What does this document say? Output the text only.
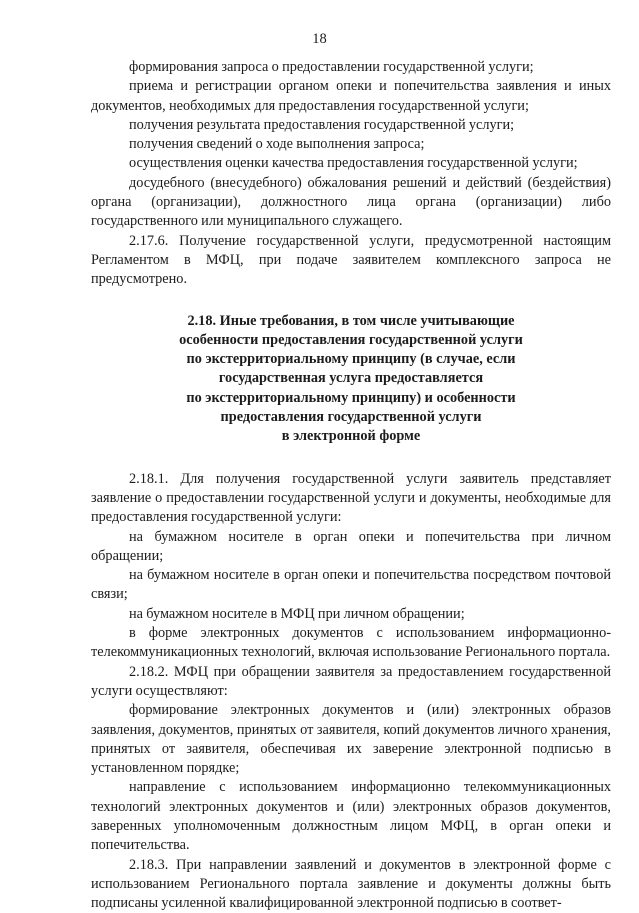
18

формирования запроса о предоставлении государственной услуги;

приема и регистрации органом опеки и попечительства заявления и иных документов, необходимых для предоставления государственной услуги;

получения результата предоставления государственной услуги;

получения сведений о ходе выполнения запроса;

осуществления оценки качества предоставления государственной услуги;

досудебного (внесудебного) обжалования решений и действий (бездействия) органа (организации), должностного лица органа (организации) либо государственного или муниципального служащего.

2.17.6. Получение государственной услуги, предусмотренной настоящим Регламентом в МФЦ, при подаче заявителем комплексного запроса не предусмотрено.

2.18. Иные требования, в том числе учитывающие

особенности предоставления государственной услуги

по экстерриториальному принципу (в случае, если

государственная услуга предоставляется

по экстерриториальному принципу) и особенности

предоставления государственной услуги

в электронной форме

2.18.1. Для получения государственной услуги заявитель представляет заявление о предоставлении государственной услуги и документы, необходимые для предоставления государственной услуги:

на бумажном носителе в орган опеки и попечительства при личном обращении;

на бумажном носителе в орган опеки и попечительства посредством почтовой связи;

на бумажном носителе в МФЦ при личном обращении;

в форме электронных документов с использованием информационно-телекоммуникационных технологий, включая использование Регионального портала.

2.18.2. МФЦ при обращении заявителя за предоставлением государственной услуги осуществляют:

формирование электронных документов и (или) электронных образов заявления, документов, принятых от заявителя, копий документов личного хранения, принятых от заявителя, обеспечивая их заверение электронной подписью в установленном порядке;

направление с использованием информационно телекоммуникационных технологий электронных документов и (или) электронных образов документов, заверенных уполномоченным должностным лицом МФЦ, в орган опеки и попечительства.

2.18.3. При направлении заявлений и документов в электронной форме с использованием Регионального портала заявление и документы должны быть подписаны усиленной квалифицированной электронной подписью в соответ-
